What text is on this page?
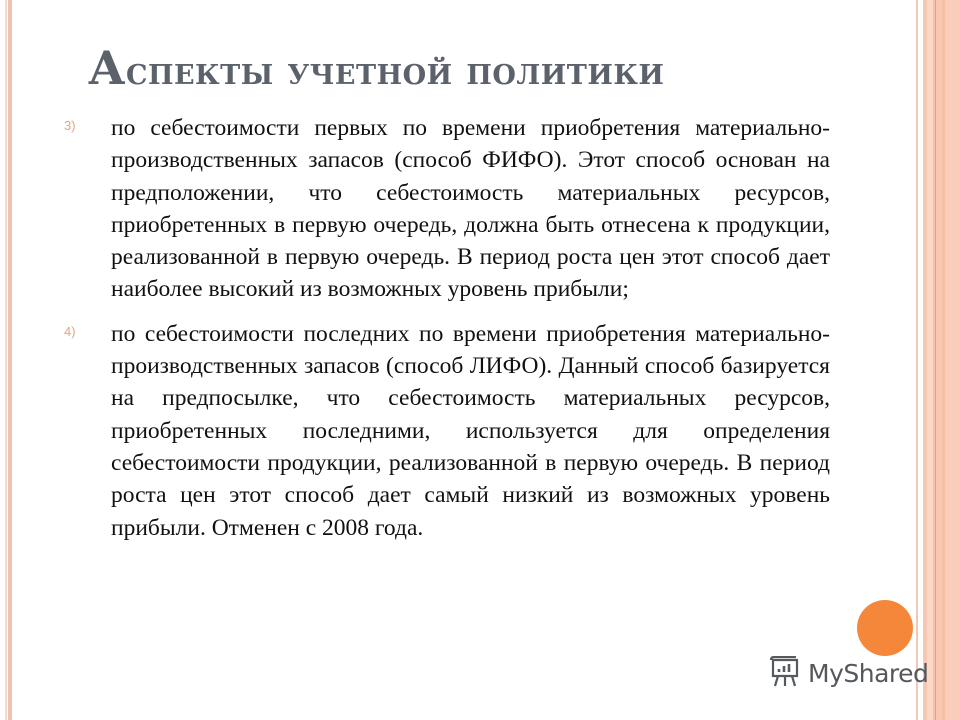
Аспекты учетной политики
3) по себестоимости первых по времени приобретения материально-производственных запасов (способ ФИФО). Этот способ основан на предположении, что себестоимость материальных ресурсов, приобретенных в первую очередь, должна быть отнесена к продукции, реализованной в первую очередь. В период роста цен этот способ дает наиболее высокий из возможных уровень прибыли;

4) по себестоимости последних по времени приобретения материально-производственных запасов (способ ЛИФО). Данный способ базируется на предпосылке, что себестоимость материальных ресурсов, приобретенных последними, используется для определения себестоимости продукции, реализованной в первую очередь. В период роста цен этот способ дает самый низкий из возможных уровень прибыли. Отменен с 2008 года.

MyShared
